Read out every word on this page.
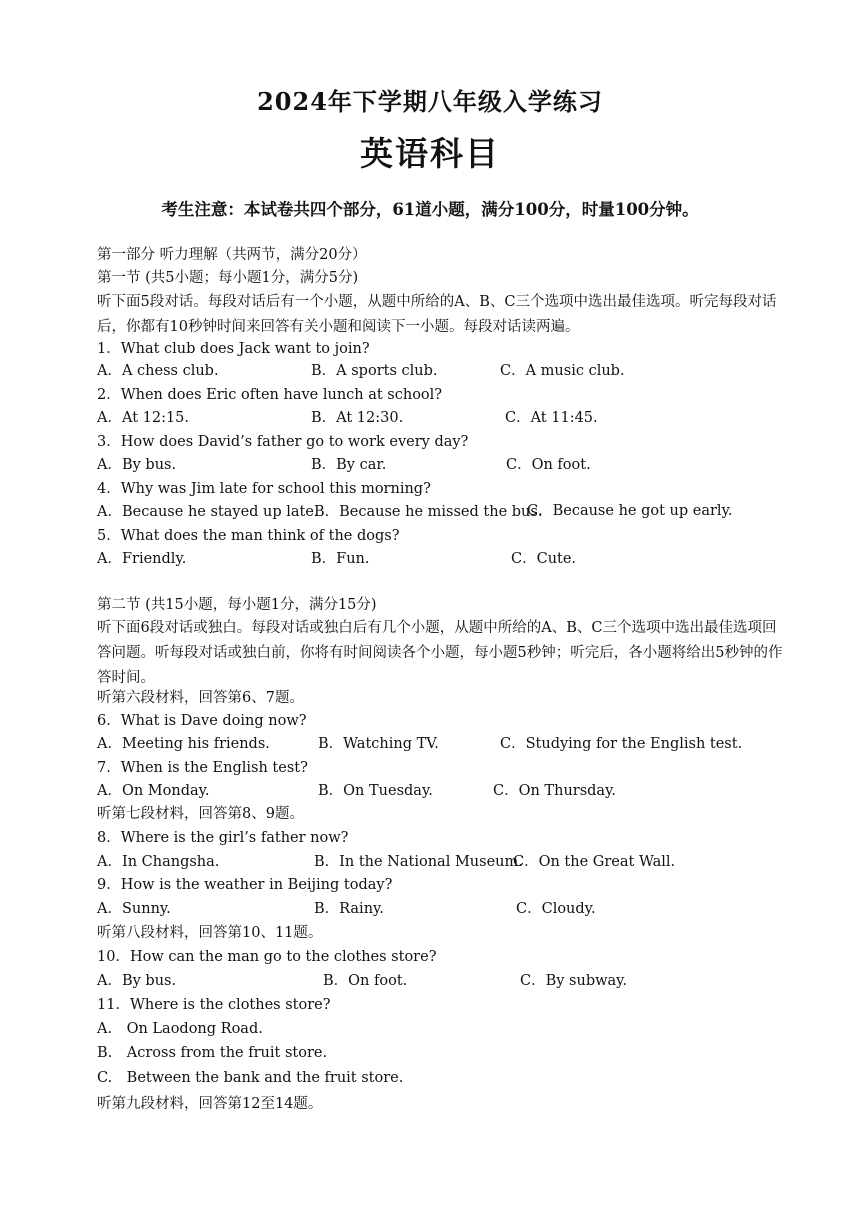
2024年下学期八年级入学练习
英语科目
考生注意：本试卷共四个部分，61道小题，满分100分，时量100分钟。
第一部分 听力理解（共两节，满分20分）
第一节 (共5小题；每小题1分，满分5分)
听下面5段对话。每段对话后有一个小题，从题中所给的A、B、C三个选项中选出最佳选项。听完每段对话后，你都有10秒钟时间来回答有关小题和阅读下一小题。每段对话读两遍。
1．What club does Jack want to join?
A．A chess club.	B．A sports club.	C．A music club.
2．When does Eric often have lunch at school?
A．At 12:15.	B．At 12:30.	C．At 11:45.
3．How does David’s father go to work every day?
A．By bus.	B．By car.	C．On foot.
4．Why was Jim late for school this morning?
A．Because he stayed up late.
B．Because he missed the bus.
C．Because he got up early.
5．What does the man think of the dogs?
A．Friendly.	B．Fun.	C．Cute.
第二节 (共15小题，每小题1分，满分15分)
听下面6段对话或独白。每段对话或独白后有几个小题，从题中所给的A、B、C三个选项中选出最佳选项回答问题。听每段对话或独白前，你将有时间阅读各个小题，每小题5秒钟；听完后，各小题将给出5秒钟的作答时间。
听第六段材料，回答第6、7题。
6．What is Dave doing now?
A．Meeting his friends.	B．Watching TV.	C．Studying for the English test.
7．When is the English test?
A．On Monday.	B．On Tuesday.	C．On Thursday.
听第七段材料，回答第8、9题。
8．Where is the girl’s father now?
A．In Changsha.	B．In the National Museum.
C．On the Great Wall.
9．How is the weather in Beijing today?
A．Sunny.	B．Rainy.	C．Cloudy.
听第八段材料，回答第10、11题。
10．How can the man go to the clothes store?
A．By bus.	B．On foot.	C．By subway.
11．Where is the clothes store?
A.　On Laodong Road.
B.　Across from the fruit store.
C.　Between the bank and the fruit store.
听第九段材料，回答第12至14题。
